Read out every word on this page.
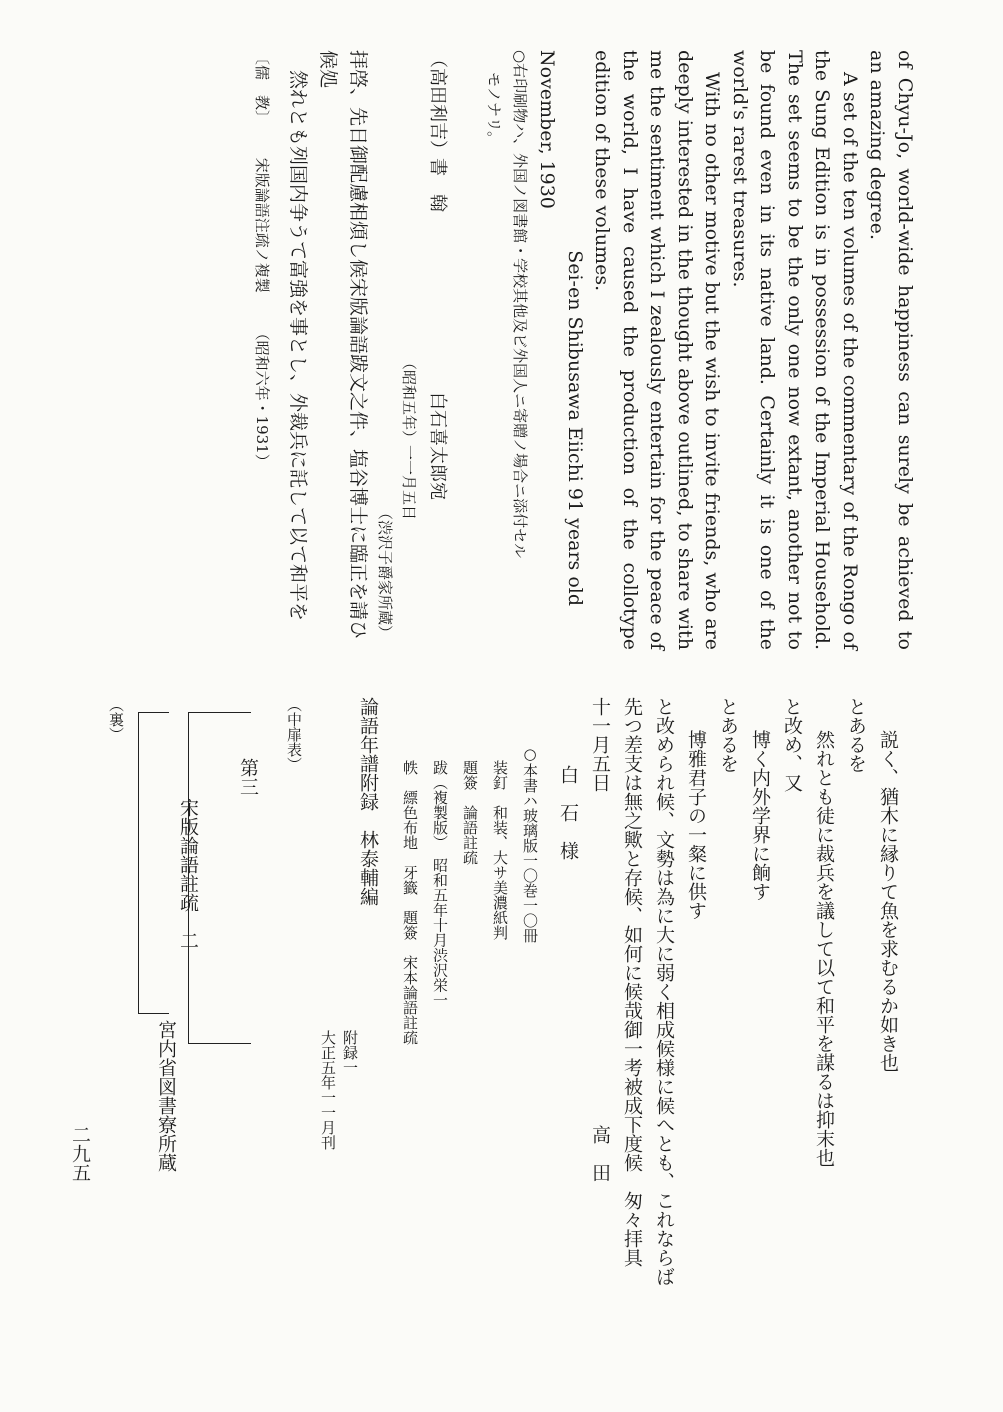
of Chyu-Jo, world-wide happiness can surely be achieved to an amazing degree.

A set of the ten volumes of the commentary of the Rongo of the Sung Edition is in possession of the Imperial Household. The set seems to be the only one now extant, another not to be found even in its native land. Certainly it is one of the world's rarest treasures.

With no other motive but the wish to invite friends, who are deeply interested in the thought above outlined, to share with me the sentiment which I zealously entertain for the peace of the world, I have caused the production of the collotype edition of these volumes.

Sei-en Shibusawa Eiichi 91 years old

November, 1930

○右印刷物ハ、外国ノ図書館・学校其他及ビ外国人ニ寄贈ノ場合ニ添付セル

モノナリ。

（高田利吉）書　翰
白石喜太郎宛

（昭和五年）一一月五日

（渋沢子爵家所蔵）

拝啓、先日御配慮相煩し候宋版論語跋文之件、塩谷博士に臨正を請ひ候処

然れとも列国内争うて富強を事とし、外裁兵に託して以て和平を

〔儒　教〕 宋版論語注疏ノ複製 （昭和六年・1931）

説く、猶木に縁りて魚を求むるか如き也
とあるを
然れとも徒に裁兵を議して以て和平を謀るは抑末也
と改め、又
博く内外学界に餉す
とあるを
博雅君子の一粲に供す
と改められ候、文勢は為に大に弱く相成候様に候へとも、これならば
先つ差支は無之歟と存候、如何に候哉御一考被成下度候　匆々拝具
十一月五日
高　田
白　石　様
○本書ハ玻璃版一〇巻一〇冊
装釘　和装、大サ美濃紙判
題簽　論語註疏
跋（複製版）　昭和五年十月渋沢栄一
帙　縹色布地　牙籤　題簽　宋本論語註疏
論語年譜附録　林泰輔編
附録一
大正五年一一月刊
（中扉表）
第三
宋版論語註疏　二
宮内省図書寮所蔵
（裏）
二九五
